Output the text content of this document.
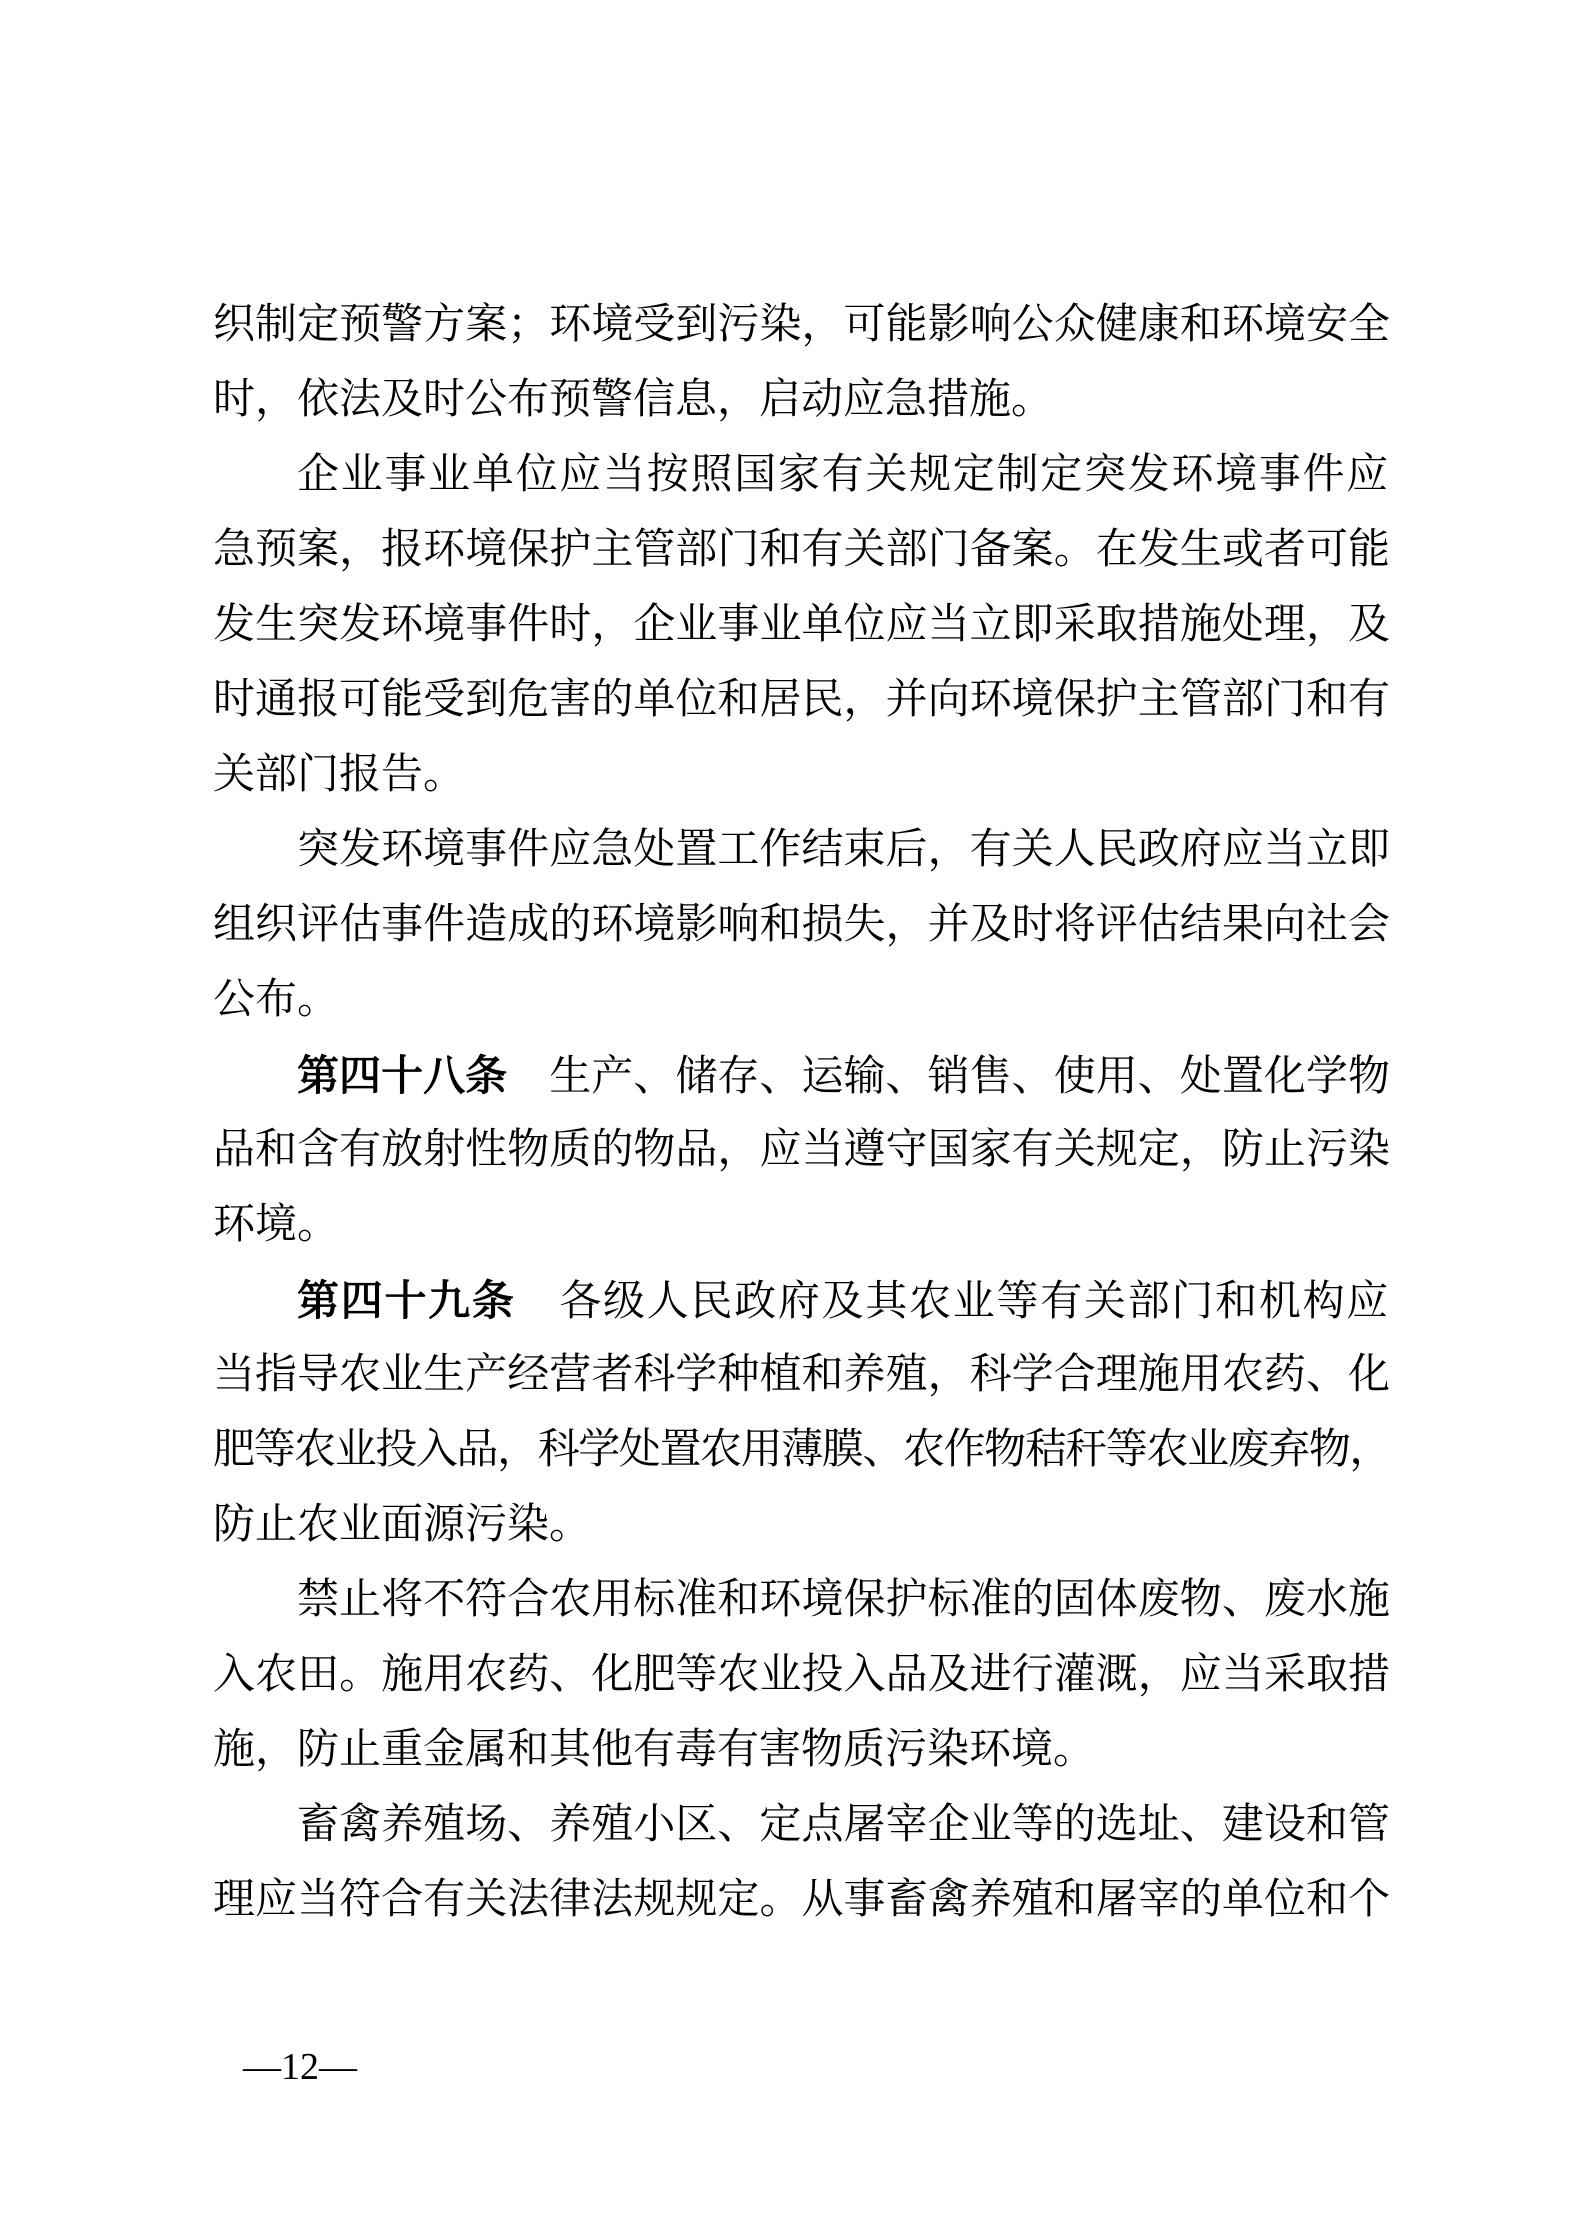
织制定预警方案；环境受到污染，可能影响公众健康和环境安全
时，依法及时公布预警信息，启动应急措施。
企业事业单位应当按照国家有关规定制定突发环境事件应
急预案，报环境保护主管部门和有关部门备案。在发生或者可能
发生突发环境事件时，企业事业单位应当立即采取措施处理，及
时通报可能受到危害的单位和居民，并向环境保护主管部门和有
关部门报告。
突发环境事件应急处置工作结束后，有关人民政府应当立即
组织评估事件造成的环境影响和损失，并及时将评估结果向社会
公布。
第四十八条　生产、储存、运输、销售、使用、处置化学物
品和含有放射性物质的物品，应当遵守国家有关规定，防止污染
环境。
第四十九条　各级人民政府及其农业等有关部门和机构应
当指导农业生产经营者科学种植和养殖，科学合理施用农药、化
肥等农业投入品，科学处置农用薄膜、农作物秸秆等农业废弃物，
防止农业面源污染。
禁止将不符合农用标准和环境保护标准的固体废物、废水施
入农田。施用农药、化肥等农业投入品及进行灌溉，应当采取措
施，防止重金属和其他有毒有害物质污染环境。
畜禽养殖场、养殖小区、定点屠宰企业等的选址、建设和管
理应当符合有关法律法规规定。从事畜禽养殖和屠宰的单位和个
—12—
